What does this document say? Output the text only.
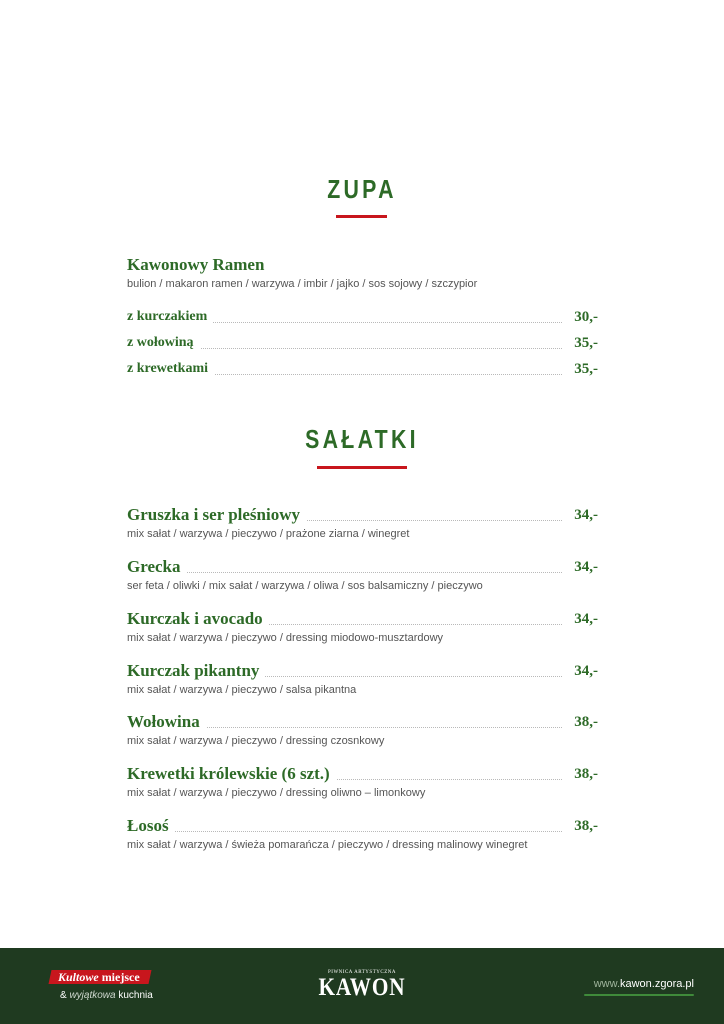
ZUPA
Kawonowy Ramen
bulion / makaron ramen / warzywa / imbir / jajko / sos sojowy / szczypior
z kurczakiem	30,-
z wołowiną	35,-
z krewetkami	35,-
SAŁATKI
Gruszka i ser pleśniowy	34,-
mix sałat / warzywa / pieczywo / prażone ziarna / winegret
Grecka	34,-
ser feta / oliwki / mix sałat / warzywa / oliwa / sos balsamiczny / pieczywo
Kurczak i avocado	34,-
mix sałat / warzywa / pieczywo / dressing miodowo-musztardowy
Kurczak pikantny	34,-
mix sałat / warzywa / pieczywo / salsa pikantna
Wołowina	38,-
mix sałat / warzywa / pieczywo / dressing czosnkowy
Krewetki królewskie (6 szt.)	38,-
mix sałat / warzywa / pieczywo / dressing oliwno – limonkowy
Łosoś	38,-
mix sałat / warzywa / świeża pomarańcza / pieczywo / dressing malinowy winegret
Kultowe miejsce
& wyjątkowa kuchnia
PIWNICA ARTYSTYCZNA
KAWON	www.kawon.zgora.pl
